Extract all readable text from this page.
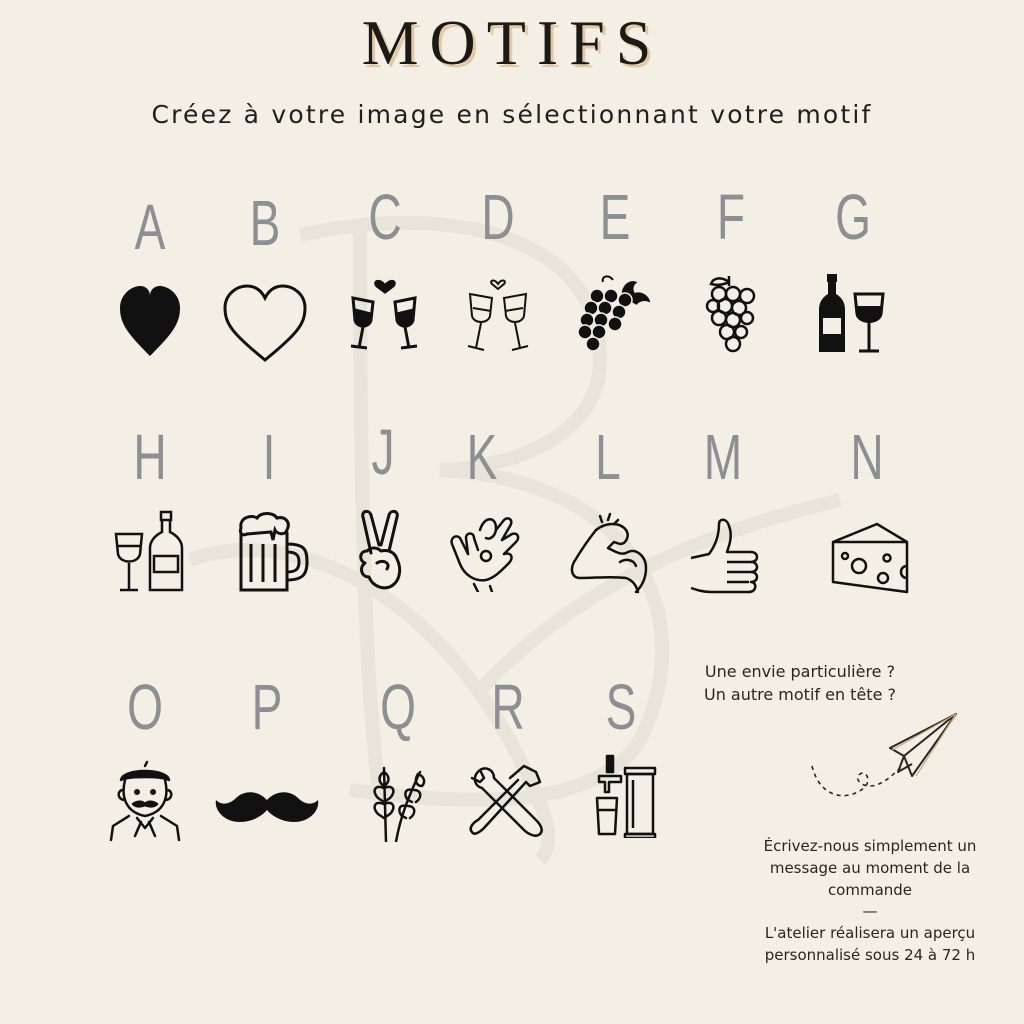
MOTIFS
Créez à votre image en sélectionnant votre motif
A	B	C	D	E	F	G
H	I	J	K	L	M	N
O	P	Q	R	S	Une envie particulière ?
Un autre motif en tête ?
Écrivez-nous simplement un
message au moment de la
commande
—
L'atelier réalisera un aperçu
personnalisé sous 24 à 72 h
